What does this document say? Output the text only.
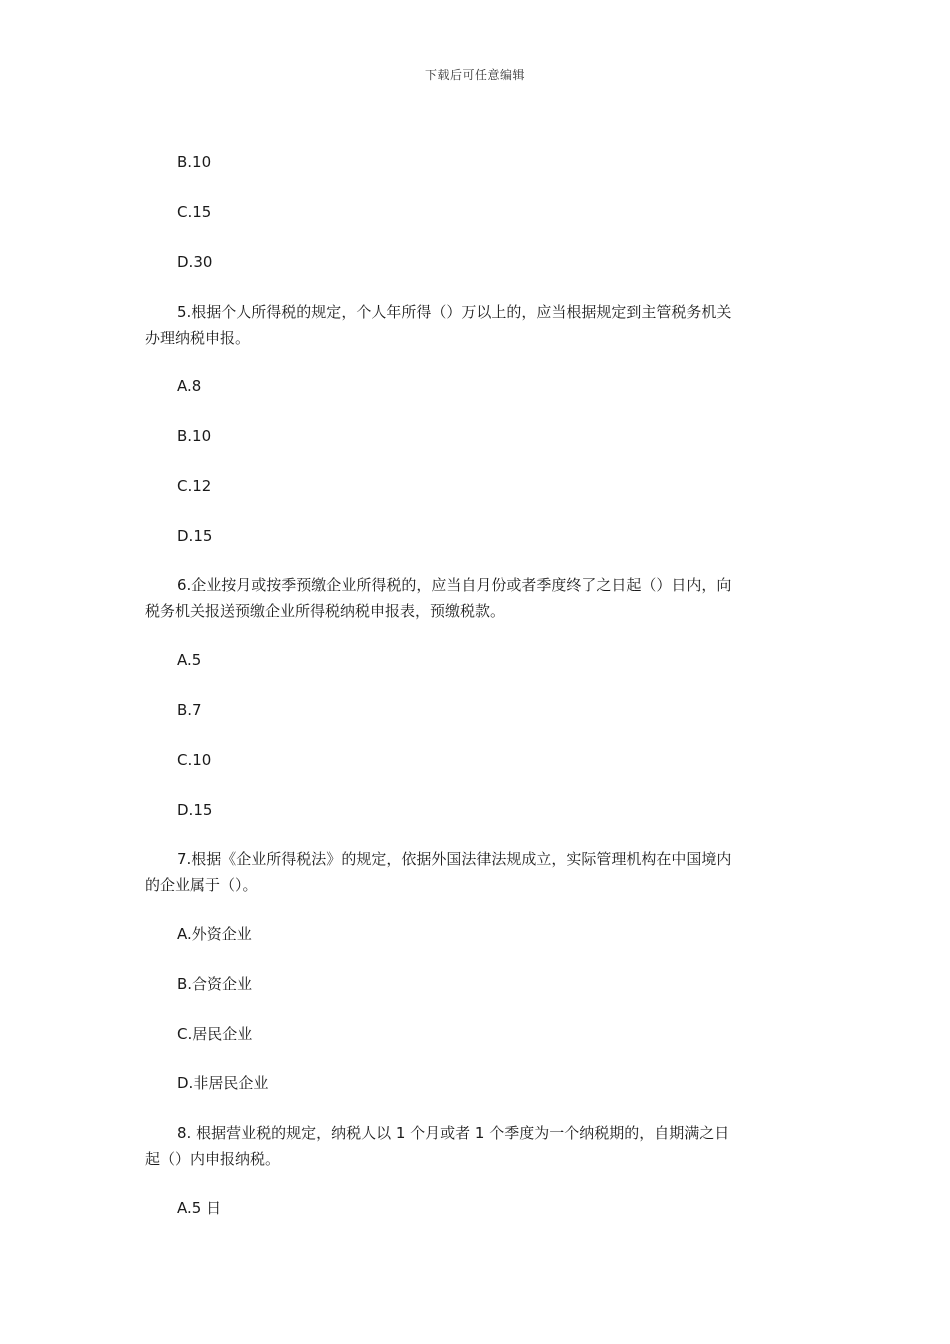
下载后可任意编辑
B.10
C.15
D.30
5.根据个人所得税的规定，个人年所得（）万以上的，应当根据规定到主管税务机关
办理纳税申报。
A.8
B.10
C.12
D.15
6.企业按月或按季预缴企业所得税的，应当自月份或者季度终了之日起（）日内，向
税务机关报送预缴企业所得税纳税申报表，预缴税款。
A.5
B.7
C.10
D.15
7.根据《企业所得税法》的规定，依据外国法律法规成立，实际管理机构在中国境内
的企业属于（）。
A.外资企业
B.合资企业
C.居民企业
D.非居民企业
8. 根据营业税的规定，纳税人以 1 个月或者 1 个季度为一个纳税期的，自期满之日
起（）内申报纳税。
A.5 日
